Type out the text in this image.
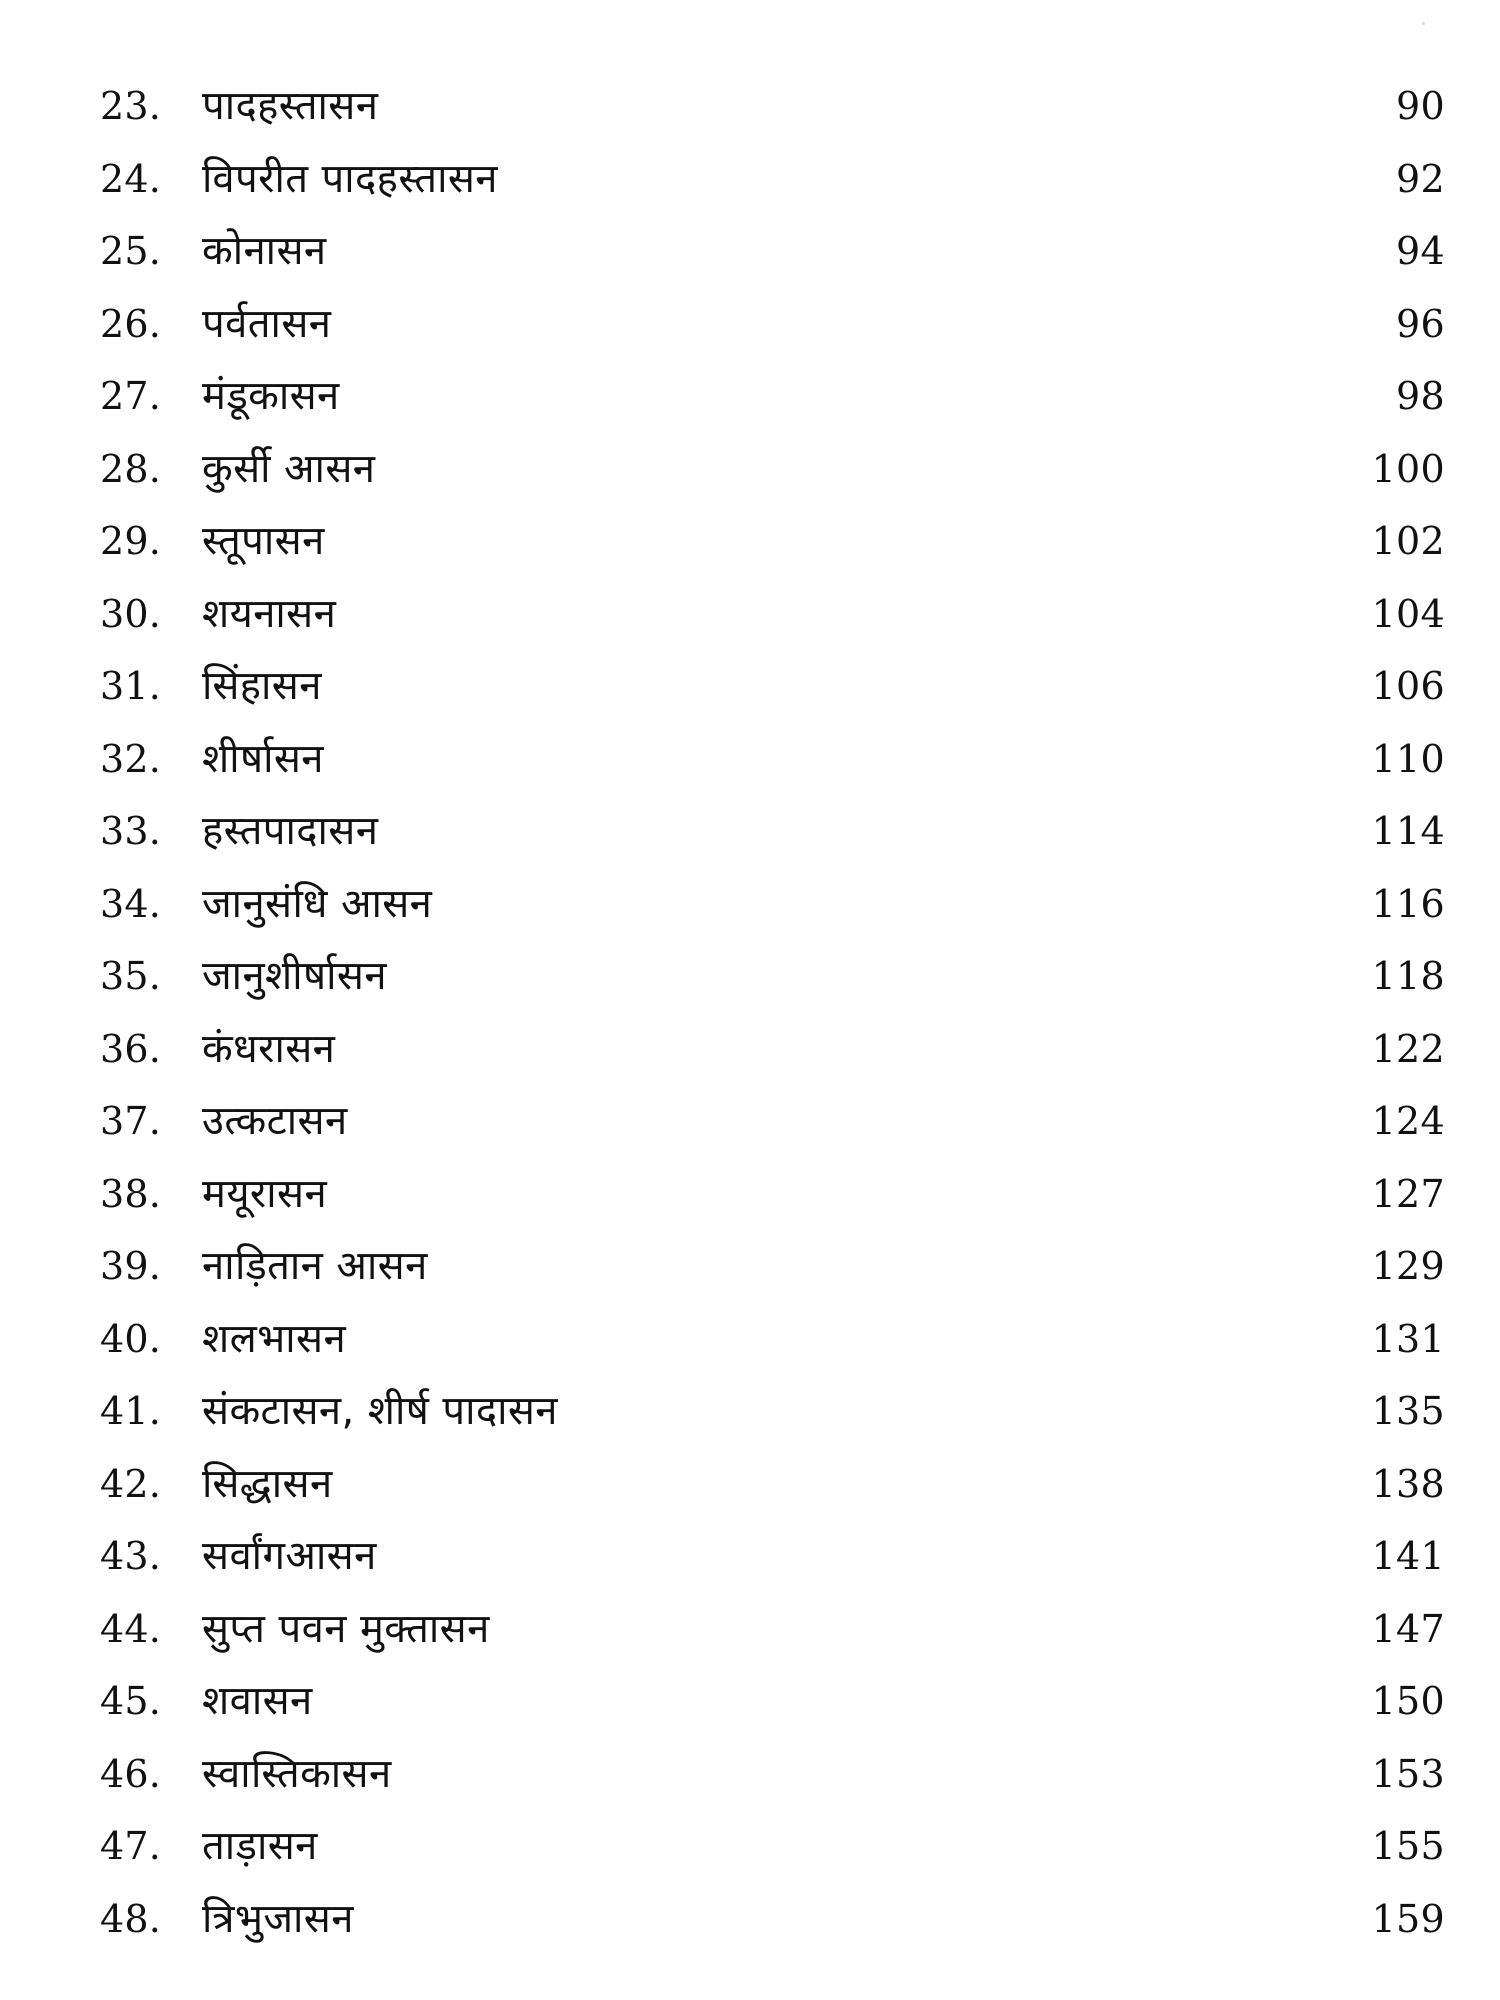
23.	पादहस्तासन	90
24.	विपरीत पादहस्तासन	92
25.	कोनासन	94
26.	पर्वतासन	96
27.	मंडूकासन	98
28.	कुर्सी आसन	100
29.	स्तूपासन	102
30.	शयनासन	104
31.	सिंहासन	106
32.	शीर्षासन	110
33.	हस्तपादासन	114
34.	जानुसंधि आसन	116
35.	जानुशीर्षासन	118
36.	कंधरासन	122
37.	उत्कटासन	124
38.	मयूरासन	127
39.	नाड़ितान आसन	129
40.	शलभासन	131
41.	संकटासन, शीर्ष पादासन	135
42.	सिद्धासन	138
43.	सर्वांगआसन	141
44.	सुप्त पवन मुक्तासन	147
45.	शवासन	150
46.	स्वास्तिकासन	153
47.	ताड़ासन	155
48.	त्रिभुजासन	159
